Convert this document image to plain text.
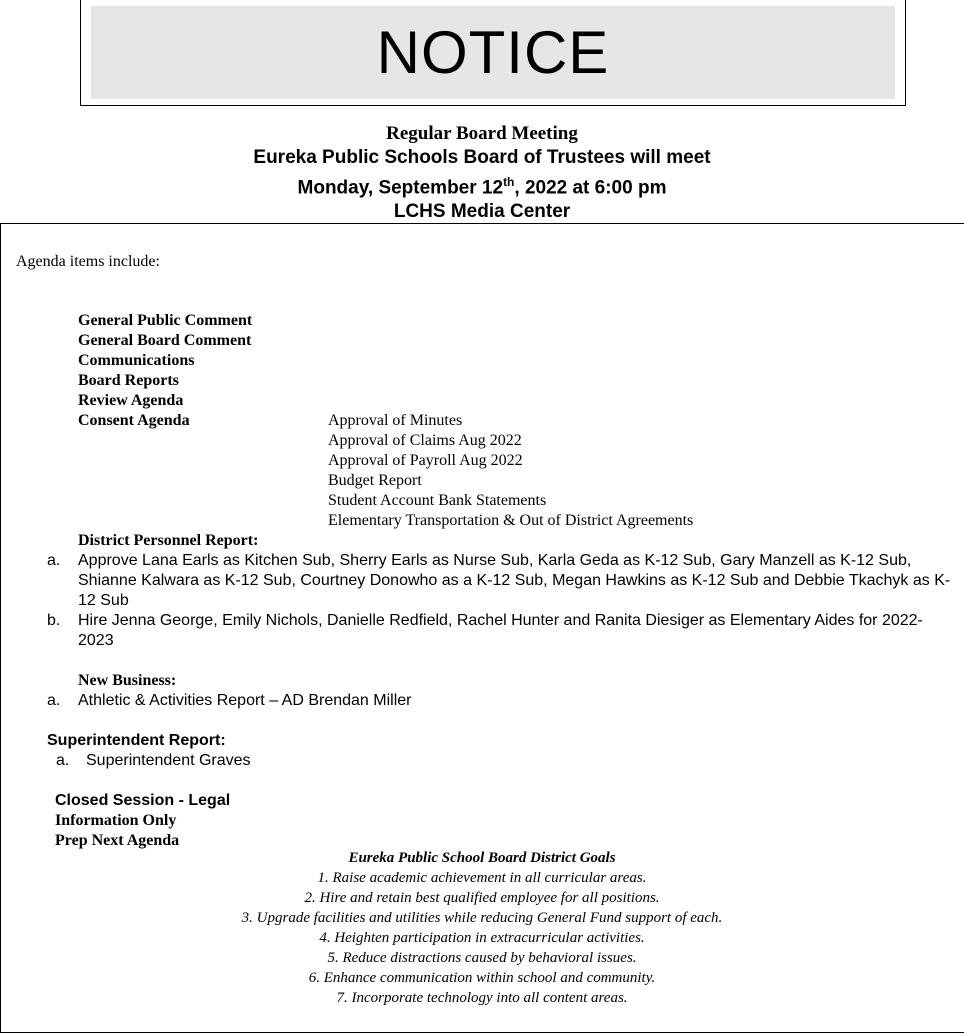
NOTICE
Regular Board Meeting
Eureka Public Schools Board of Trustees will meet
Monday, September 12th, 2022 at 6:00 pm
LCHS Media Center
Agenda items include:
General Public Comment
General Board Comment
Communications
Board Reports
Review Agenda
Consent Agenda	Approval of Minutes
Approval of Claims Aug 2022
Approval of Payroll Aug 2022
Budget Report
Student Account Bank Statements
Elementary Transportation & Out of District Agreements
District Personnel Report:
a. Approve Lana Earls as Kitchen Sub, Sherry Earls as Nurse Sub, Karla Geda as K-12 Sub, Gary Manzell as K-12 Sub, Shianne Kalwara as K-12 Sub, Courtney Donowho as a K-12 Sub, Megan Hawkins as K-12 Sub and Debbie Tkachyk as K-12 Sub
b. Hire Jenna George, Emily Nichols, Danielle Redfield, Rachel Hunter and Ranita Diesiger as Elementary Aides for 2022-2023
New Business:
a. Athletic & Activities Report – AD Brendan Miller
Superintendent Report:
a. Superintendent Graves
Closed Session - Legal
Information Only
Prep Next Agenda
Eureka Public School Board District Goals
1. Raise academic achievement in all curricular areas.
2. Hire and retain best qualified employee for all positions.
3. Upgrade facilities and utilities while reducing General Fund support of each.
4. Heighten participation in extracurricular activities.
5. Reduce distractions caused by behavioral issues.
6. Enhance communication within school and community.
7. Incorporate technology into all content areas.
